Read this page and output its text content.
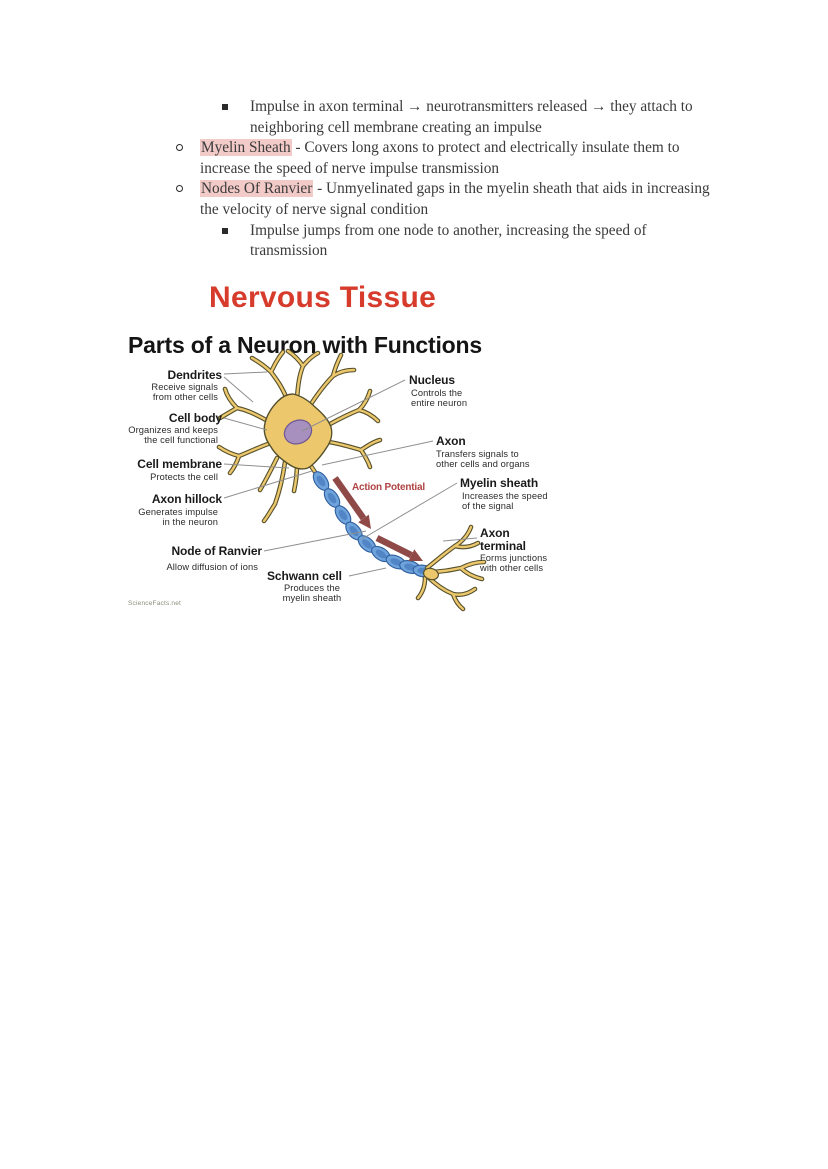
Impulse in axon terminal → neurotransmitters released → they attach to neighboring cell membrane creating an impulse
Myelin Sheath - Covers long axons to protect and electrically insulate them to increase the speed of nerve impulse transmission
Nodes Of Ranvier - Unmyelinated gaps in the myelin sheath that aids in increasing the velocity of nerve signal condition
Impulse jumps from one node to another, increasing the speed of transmission
Nervous Tissue
Parts of a Neuron with Functions
Dendrites
Receive signals
from other cells
Cell body
Organizes and keeps
the cell functional
Cell membrane
Protects the cell
Axon hillock
Generates impulse
in the neuron
Node of Ranvier
Allow diffusion of ions
Schwann cell
Produces the
myelin sheath
Nucleus
Controls the
entire neuron
Axon
Transfers signals to
other cells and organs
Myelin sheath
Increases the speed
of the signal
Axon
terminal
Forms junctions
with other cells
Action Potential
ScienceFacts.net
